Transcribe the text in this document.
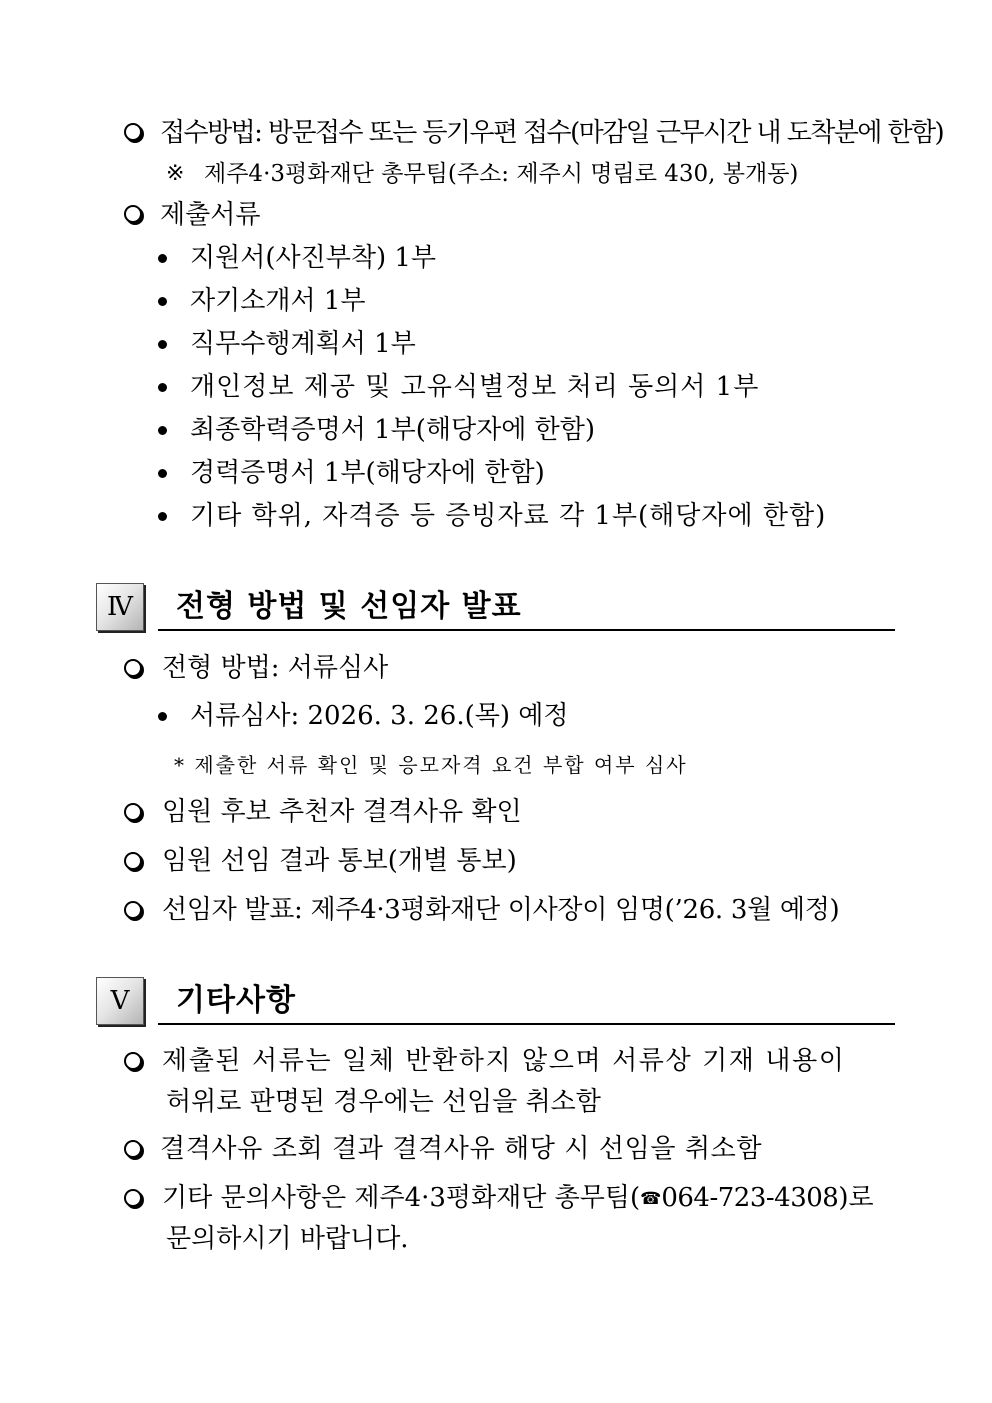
접수방법: 방문접수 또는 등기우편 접수(마감일 근무시간 내 도착분에 한함)
※ 제주4·3평화재단 총무팀(주소: 제주시 명림로 430, 봉개동)
제출서류
지원서(사진부착) 1부
자기소개서 1부
직무수행계획서 1부
개인정보 제공 및 고유식별정보 처리 동의서 1부
최종학력증명서 1부(해당자에 한함)
경력증명서 1부(해당자에 한함)
기타 학위, 자격증 등 증빙자료 각 1부(해당자에 한함)
Ⅳ	전형 방법 및 선임자 발표
전형 방법: 서류심사
서류심사: 2026. 3. 26.(목) 예정
* 제출한 서류 확인 및 응모자격 요건 부합 여부 심사
임원 후보 추천자 결격사유 확인
임원 선임 결과 통보(개별 통보)
선임자 발표: 제주4·3평화재단 이사장이 임명(’26. 3월 예정)
Ⅴ	기타사항
제출된 서류는 일체 반환하지 않으며 서류상 기재 내용이
허위로 판명된 경우에는 선임을 취소함
결격사유 조회 결과 결격사유 해당 시 선임을 취소함
기타 문의사항은 제주4·3평화재단 총무팀(☎064-723-4308)로
문의하시기 바랍니다.
